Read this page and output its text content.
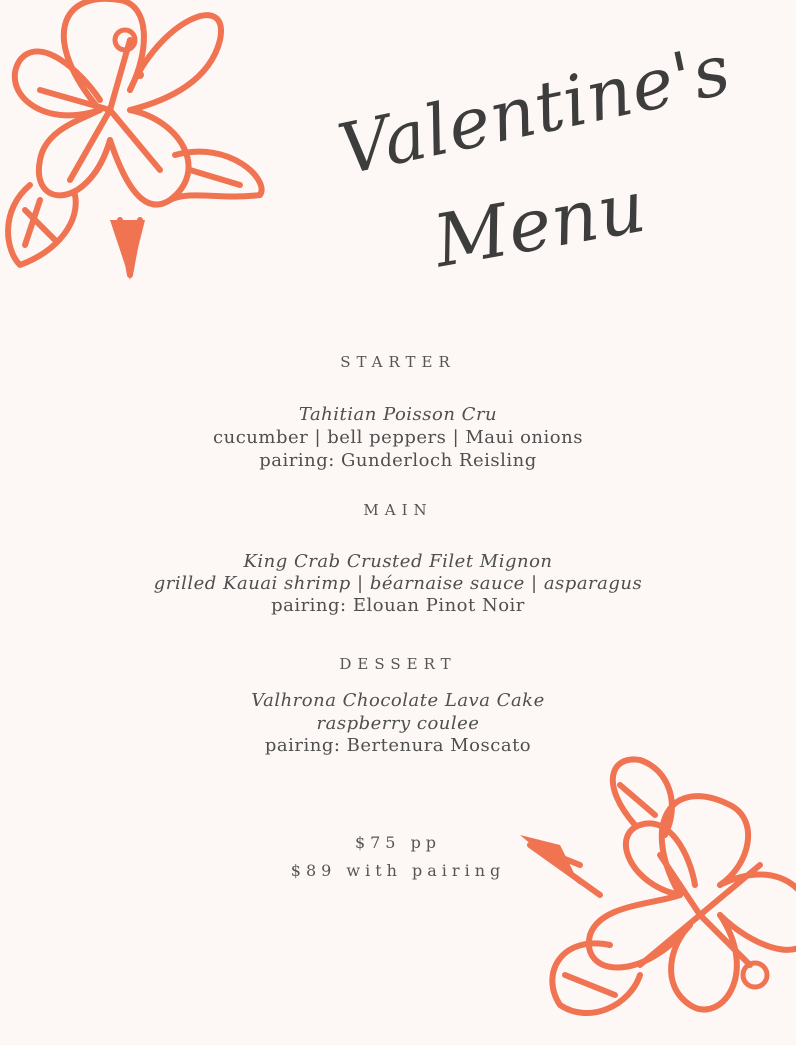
Valentine's
Menu
STARTER
Tahitian Poisson Cru
cucumber | bell peppers | Maui onions
pairing: Gunderloch Reisling
MAIN
King Crab Crusted Filet Mignon
grilled Kauai shrimp | béarnaise sauce | asparagus
pairing: Elouan Pinot Noir
DESSERT
Valhrona Chocolate Lava Cake
raspberry coulee
pairing: Bertenura Moscato
$75 pp
$89 with pairing
